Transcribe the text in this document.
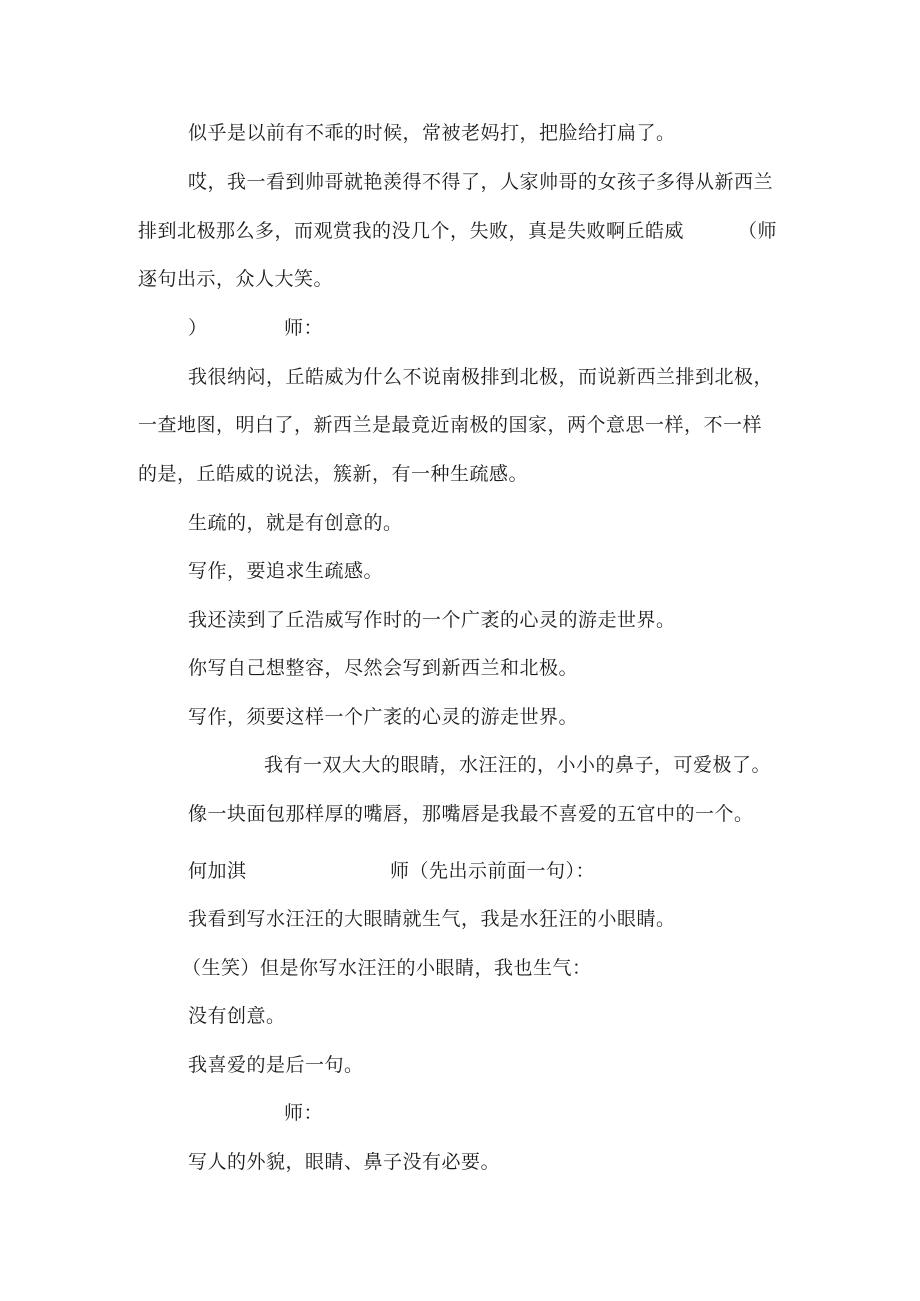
似乎是以前有不乖的时候，常被老妈打，把脸给打扁了。
哎，我一看到帅哥就艳羡得不得了，人家帅哥的女孩子多得从新西兰
排到北极那么多，而观赏我的没几个，失败，真是失败啊丘皓威	（师
逐句出示，众人大笑。
）	师：
我很纳闷，丘皓威为什么不说南极排到北极，而说新西兰排到北极，
一查地图，明白了，新西兰是最竟近南极的国家，两个意思一样，不一样
的是，丘皓威的说法，簇新，有一种生疏感。
生疏的，就是有创意的。
写作，要追求生疏感。
我还渎到了丘浩威写作时的一个广袤的心灵的游走世界。
你写自己想整容，尽然会写到新西兰和北极。
写作，须要这样一个广袤的心灵的游走世界。
我有一双大大的眼睛，水汪汪的，小小的鼻子，可爱极了。
像一块面包那样厚的嘴唇，那嘴唇是我最不喜爱的五官中的一个。
何加淇	师（先出示前面一句）：
我看到写水汪汪的大眼睛就生气，我是水狂汪的小眼睛。
（生笑）但是你写水汪汪的小眼睛，我也生气：
没有创意。
我喜爱的是后一句。
师：
写人的外貌，眼睛、鼻子没有必要。
